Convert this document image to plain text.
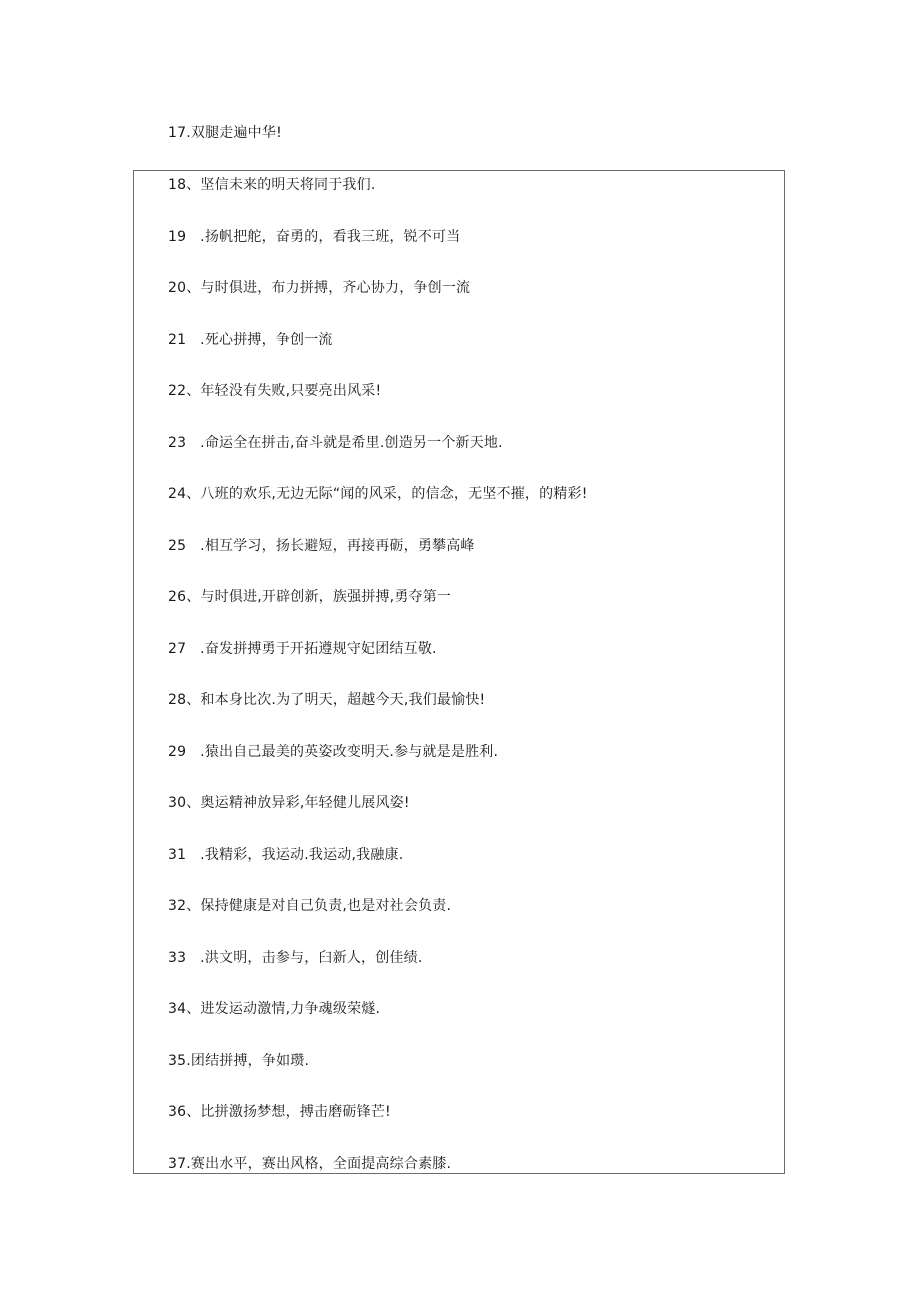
17.双腿走遍中华!
18、坚信未来的明天将同于我们.
19   .扬帆把舵，奋勇的，看我三班，锐不可当
20、与时俱进，布力拼搏，齐心协力，争创一流
21   .死心拼搏，争创一流
22、年轻没有失败,只要亮出风采!
23   .命运全在拼击,奋斗就是希里.创造另一个新天地.
24、八班的欢乐,无边无际“闻的风采，的信念，无坚不摧，的精彩!
25   .相互学习，扬长避短，再接再砺，勇攀高峰
26、与时俱进,开辟创新，族强拼搏,勇夺第一
27   .奋发拼搏勇于开拓遵规守妃团结互敬.
28、和本身比次.为了明天，超越今天,我们最愉快!
29   .猿出自己最美的英姿改变明天.参与就是是胜利.
30、奥运精神放异彩,年轻健儿展风姿!
31   .我精彩，我运动.我运动,我融康.
32、保持健康是对自己负责,也是对社会负责.
33   .洪文明，击参与，臼新人，创佳绩.
34、进发运动激情,力争魂级荣燧.
35.团结拼搏，争如瓒.
36、比拼激扬梦想，搏击磨砺锋芒!
37.赛出水平，赛出风格，全面提高综合素膝.
